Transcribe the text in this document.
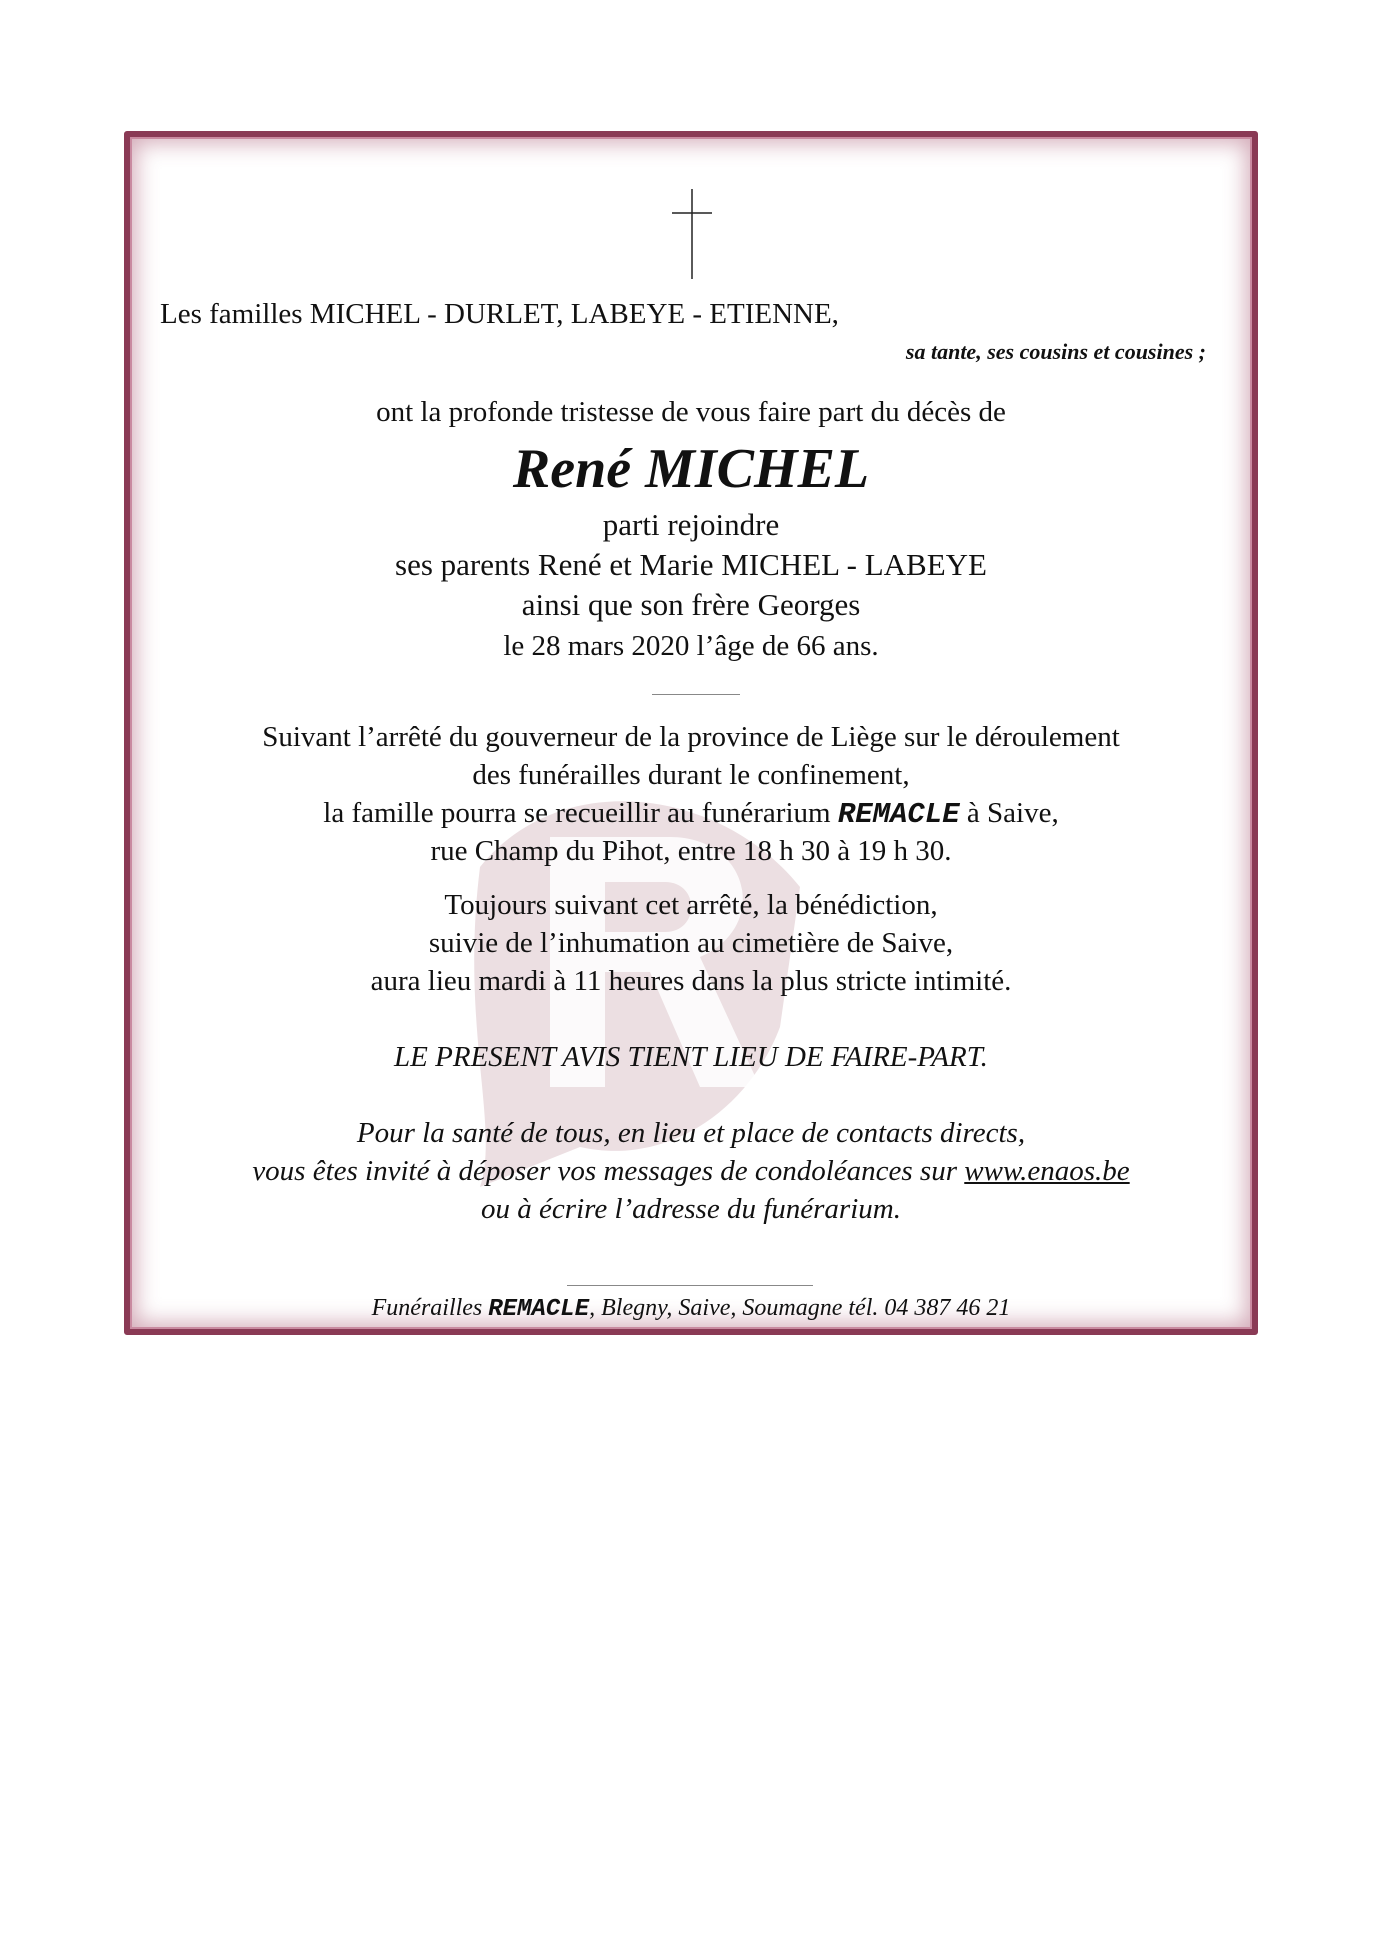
Les familles MICHEL - DURLET, LABEYE - ETIENNE,
sa tante, ses cousins et cousines ;
ont la profonde tristesse de vous faire part du décès de
René MICHEL
parti rejoindre
ses parents René et Marie MICHEL - LABEYE
ainsi que son frère Georges
le 28 mars 2020 l’âge de 66 ans.
Suivant l’arrêté du gouverneur de la province de Liège sur le déroulement
des funérailles durant le confinement,
la famille pourra se recueillir au funérarium REMACLE à Saive,
rue Champ du Pihot, entre 18 h 30 à 19 h 30.
Toujours suivant cet arrêté, la bénédiction,
suivie de l’inhumation au cimetière de Saive,
aura lieu mardi à 11 heures dans la plus stricte intimité.
LE PRESENT AVIS TIENT LIEU DE FAIRE-PART.
Pour la santé de tous, en lieu et place de contacts directs,
vous êtes invité à déposer vos messages de condoléances sur www.enaos.be
ou à écrire l’adresse du funérarium.
Funérailles REMACLE, Blegny, Saive, Soumagne tél. 04 387 46 21
